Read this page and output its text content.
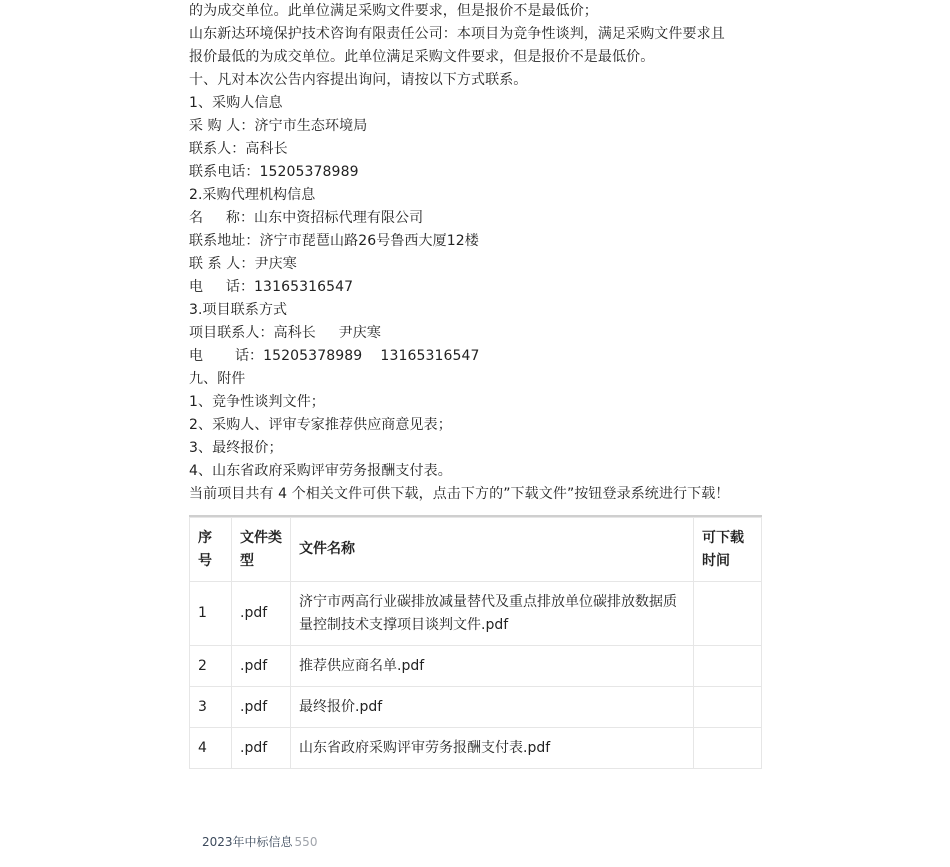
的为成交单位。此单位满足采购文件要求，但是报价不是最低价；
山东新达环境保护技术咨询有限责任公司：本项目为竞争性谈判，满足采购文件要求且
报价最低的为成交单位。此单位满足采购文件要求，但是报价不是最低价。
十、凡对本次公告内容提出询问，请按以下方式联系。
1、采购人信息
采 购 人：济宁市生态环境局
联系人：高科长
联系电话：15205378989
2.采购代理机构信息
名     称：山东中资招标代理有限公司
联系地址：济宁市琵琶山路26号鲁西大厦12楼
联 系 人：尹庆寒
电     话：13165316547
3.项目联系方式
项目联系人：高科长     尹庆寒
电       话：15205378989    13165316547
九、附件
1、竞争性谈判文件；
2、采购人、评审专家推荐供应商意见表；
3、最终报价；
4、山东省政府采购评审劳务报酬支付表。
当前项目共有 4 个相关文件可供下载，点击下方的”下载文件”按钮登录系统进行下载！
序号	文件类型	文件名称	可下载时间
1	.pdf	济宁市两高行业碳排放减量替代及重点排放单位碳排放数据质量控制技术支撑项目谈判文件.pdf	
2	.pdf	推荐供应商名单.pdf	
3	.pdf	最终报价.pdf	
4	.pdf	山东省政府采购评审劳务报酬支付表.pdf	
2023年中标信息 550
